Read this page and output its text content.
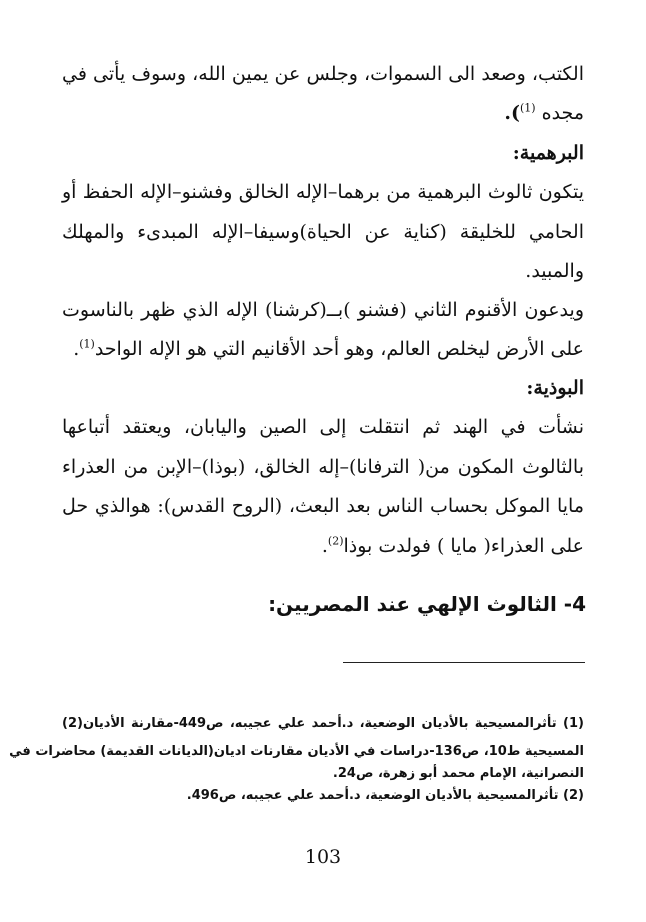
الكتب، وصعد الى السموات، وجلس عن يمين الله، وسوف يأتى في
مجده $^{(1)}$).
البرهمية:
يتكون ثالوث البرهمية من برهما–الإله الخالق وفشنو–الإله الحفظ أو
الحامي للخليقة (كناية عن الحياة)وسيفا–الإله المبدىء والمهلك
والمبيد.
ويدعون الأقنوم الثاني (فشنو )بــ(كرشنا) الإله الذي ظهر بالناسوت
على الأرض ليخلص العالم، وهو أحد الأقانيم التي هو الإله الواحد$^{(1)}$.
البوذية:
نشأت في الهند ثم انتقلت إلى الصين واليابان، ويعتقد أتباعها
بالثالوث المكون من( الترفانا)–إله الخالق، (بوذا)–الإبن من العذراء
مايا الموكل بحساب الناس بعد البعث، (الروح القدس): هوالذي حل
على العذراء( مايا ) فولدت بوذا$^{(2)}$.
4- الثالوث الإلهي عند المصريين:
(1) تأثرالمسيحية بالأديان الوضعية، د.أحمد علي عجيبه، ص449-مقارنة الأديان(2)
المسيحية ط10، ص136-دراسات في الأديان مقارنات اديان(الديانات القديمة) محاضرات في
النصرانية، الإمام محمد أبو زهرة، ص24.
(2) تأثرالمسيحية بالأديان الوضعية، د.أحمد علي عجيبه، ص496.
103
